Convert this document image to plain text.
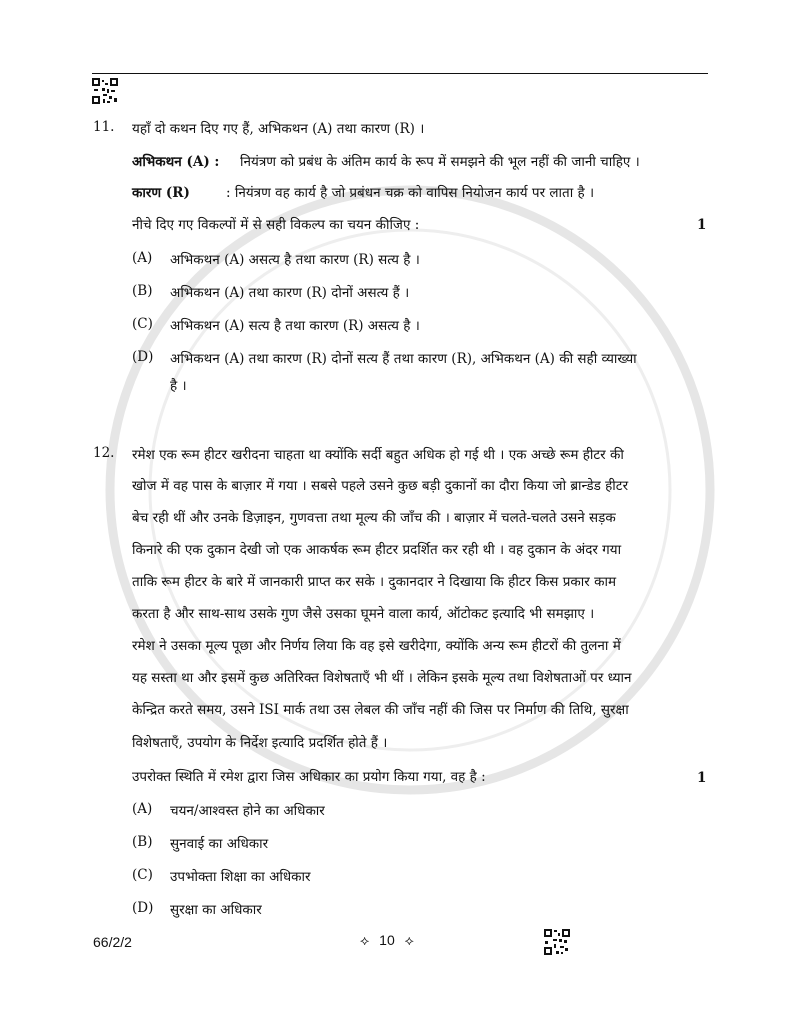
11. यहाँ दो कथन दिए गए हैं, अभिकथन (A) तथा कारण (R) ।
अभिकथन (A) : नियंत्रण को प्रबंध के अंतिम कार्य के रूप में समझने की भूल नहीं की जानी चाहिए ।
कारण (R)	: नियंत्रण वह कार्य है जो प्रबंधन चक्र को वापिस नियोजन कार्य पर लाता है ।
नीचे दिए गए विकल्पों में से सही विकल्प का चयन कीजिए :	1
(A) अभिकथन (A) असत्य है तथा कारण (R) सत्य है ।
(B) अभिकथन (A) तथा कारण (R) दोनों असत्य हैं ।
(C) अभिकथन (A) सत्य है तथा कारण (R) असत्य है ।
(D) अभिकथन (A) तथा कारण (R) दोनों सत्य हैं तथा कारण (R), अभिकथन (A) की सही व्याख्या
है ।
12. रमेश एक रूम हीटर खरीदना चाहता था क्योंकि सर्दी बहुत अधिक हो गई थी । एक अच्छे रूम हीटर की
खोज में वह पास के बाज़ार में गया । सबसे पहले उसने कुछ बड़ी दुकानों का दौरा किया जो ब्रान्डेड हीटर
बेच रही थीं और उनके डिज़ाइन, गुणवत्ता तथा मूल्य की जाँच की । बाज़ार में चलते-चलते उसने सड़क
किनारे की एक दुकान देखी जो एक आकर्षक रूम हीटर प्रदर्शित कर रही थी । वह दुकान के अंदर गया
ताकि रूम हीटर के बारे में जानकारी प्राप्त कर सके । दुकानदार ने दिखाया कि हीटर किस प्रकार काम
करता है और साथ-साथ उसके गुण जैसे उसका घूमने वाला कार्य, ऑटोकट इत्यादि भी समझाए ।
रमेश ने उसका मूल्य पूछा और निर्णय लिया कि वह इसे खरीदेगा, क्योंकि अन्य रूम हीटरों की तुलना में
यह सस्ता था और इसमें कुछ अतिरिक्त विशेषताएँ भी थीं । लेकिन इसके मूल्य तथा विशेषताओं पर ध्यान
केन्द्रित करते समय, उसने ISI मार्क तथा उस लेबल की जाँच नहीं की जिस पर निर्माण की तिथि, सुरक्षा
विशेषताएँ, उपयोग के निर्देश इत्यादि प्रदर्शित होते हैं ।
उपरोक्त स्थिति में रमेश द्वारा जिस अधिकार का प्रयोग किया गया, वह है :	1
(A) चयन/आश्वस्त होने का अधिकार
(B) सुनवाई का अधिकार
(C) उपभोक्ता शिक्षा का अधिकार
(D) सुरक्षा का अधिकार
66/2/2	⟡ 10 ⟡
